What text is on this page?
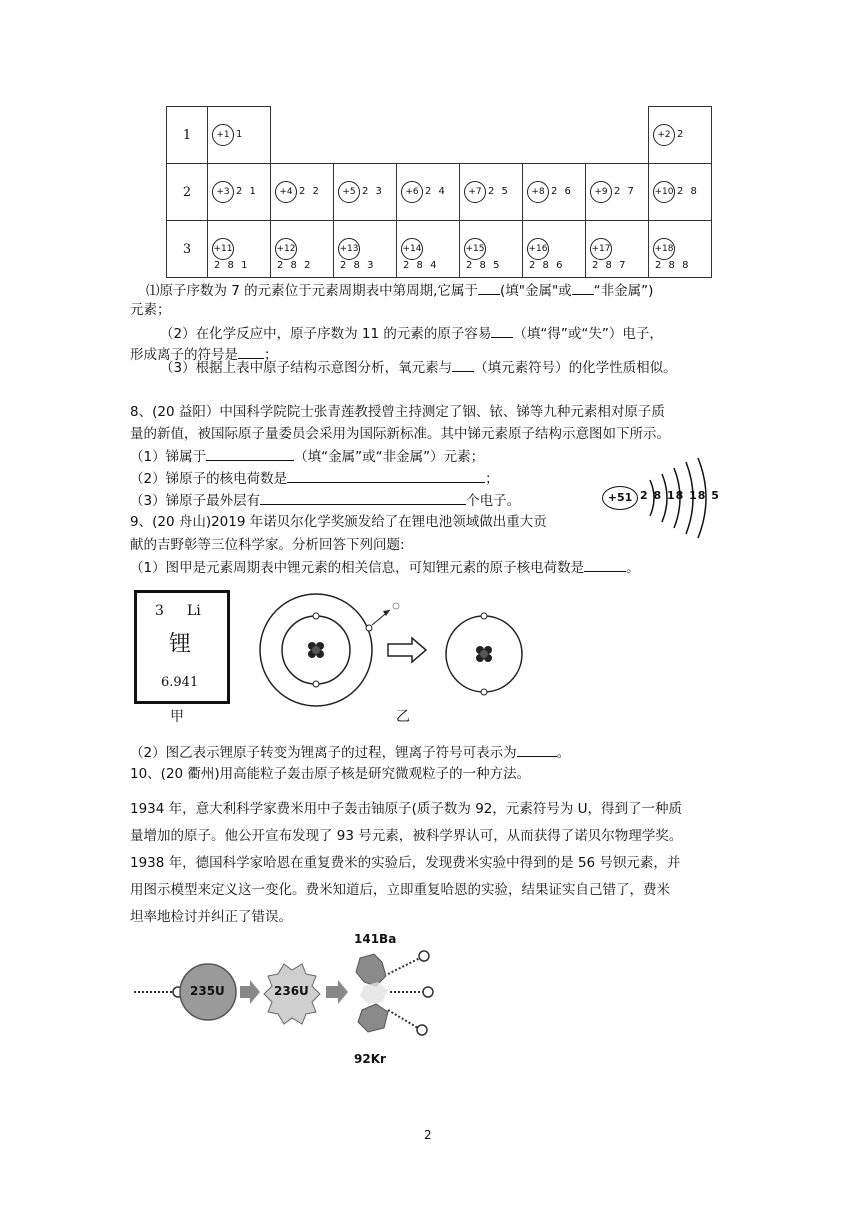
1	+1 1							+2 2

2	+3 2 1	+4 2 2	+5 2 3	+6 2 4	+7 2 5	+8 2 6	+9 2 7	+10 2 8

3	+112 8 1	+122 8 2	+132 8 3	+142 8 4	+152 8 5	+162 8 6	+172 8 7	+182 8 8
⑴原子序数为 7 的元素位于元素周期表中第周期,它属于 (填"金属"或 “非金属”)
元素；
（2）在化学反应中，原子序数为 11 的元素的原子容易 （填“得”或“失”）电子，
形成离子的符号是 ；
（3）根据上表中原子结构示意图分析，氧元素与 （填元素符号）的化学性质相似。
8、(20 益阳）中国科学院院士张青莲教授曾主持测定了铟、铱、锑等九种元素相对原子质
量的新值，被国际原子量委员会采用为国际新标准。其中锑元素原子结构示意图如下所示。
（1）锑属于	（填“金属”或“非金属”）元素；
（2）锑原子的核电荷数是	；
（3）锑原子最外层有	个电子。	+51 2 8 18 18 5
9、(20 舟山)2019 年诺贝尔化学奖颁发给了在锂电池领域做出重大贡
献的吉野彰等三位科学家。分析回答下列问题:
（1）图甲是元素周期表中锂元素的相关信息，可知锂元素的原子核电荷数是	。
3 Li
锂
6.941
甲	乙
（2）图乙表示锂原子转变为锂离子的过程，锂离子符号可表示为	。
10、(20 衢州)用高能粒子轰击原子核是研究微观粒子的一种方法。
1934 年，意大利科学家费米用中子轰击铀原子(质子数为 92，元素符号为 U，得到了一种质
量增加的原子。他公开宣布发现了 93 号元素，被科学界认可，从而获得了诺贝尔物理学奖。
1938 年，德国科学家哈恩在重复费米的实验后，发现费米实验中得到的是 56 号钡元素，并
用图示模型来定义这一变化。费米知道后，立即重复哈恩的实验，结果证实自己错了，费米
坦率地检讨并纠正了错误。
235U	236U
141Ba
92Kr
2
